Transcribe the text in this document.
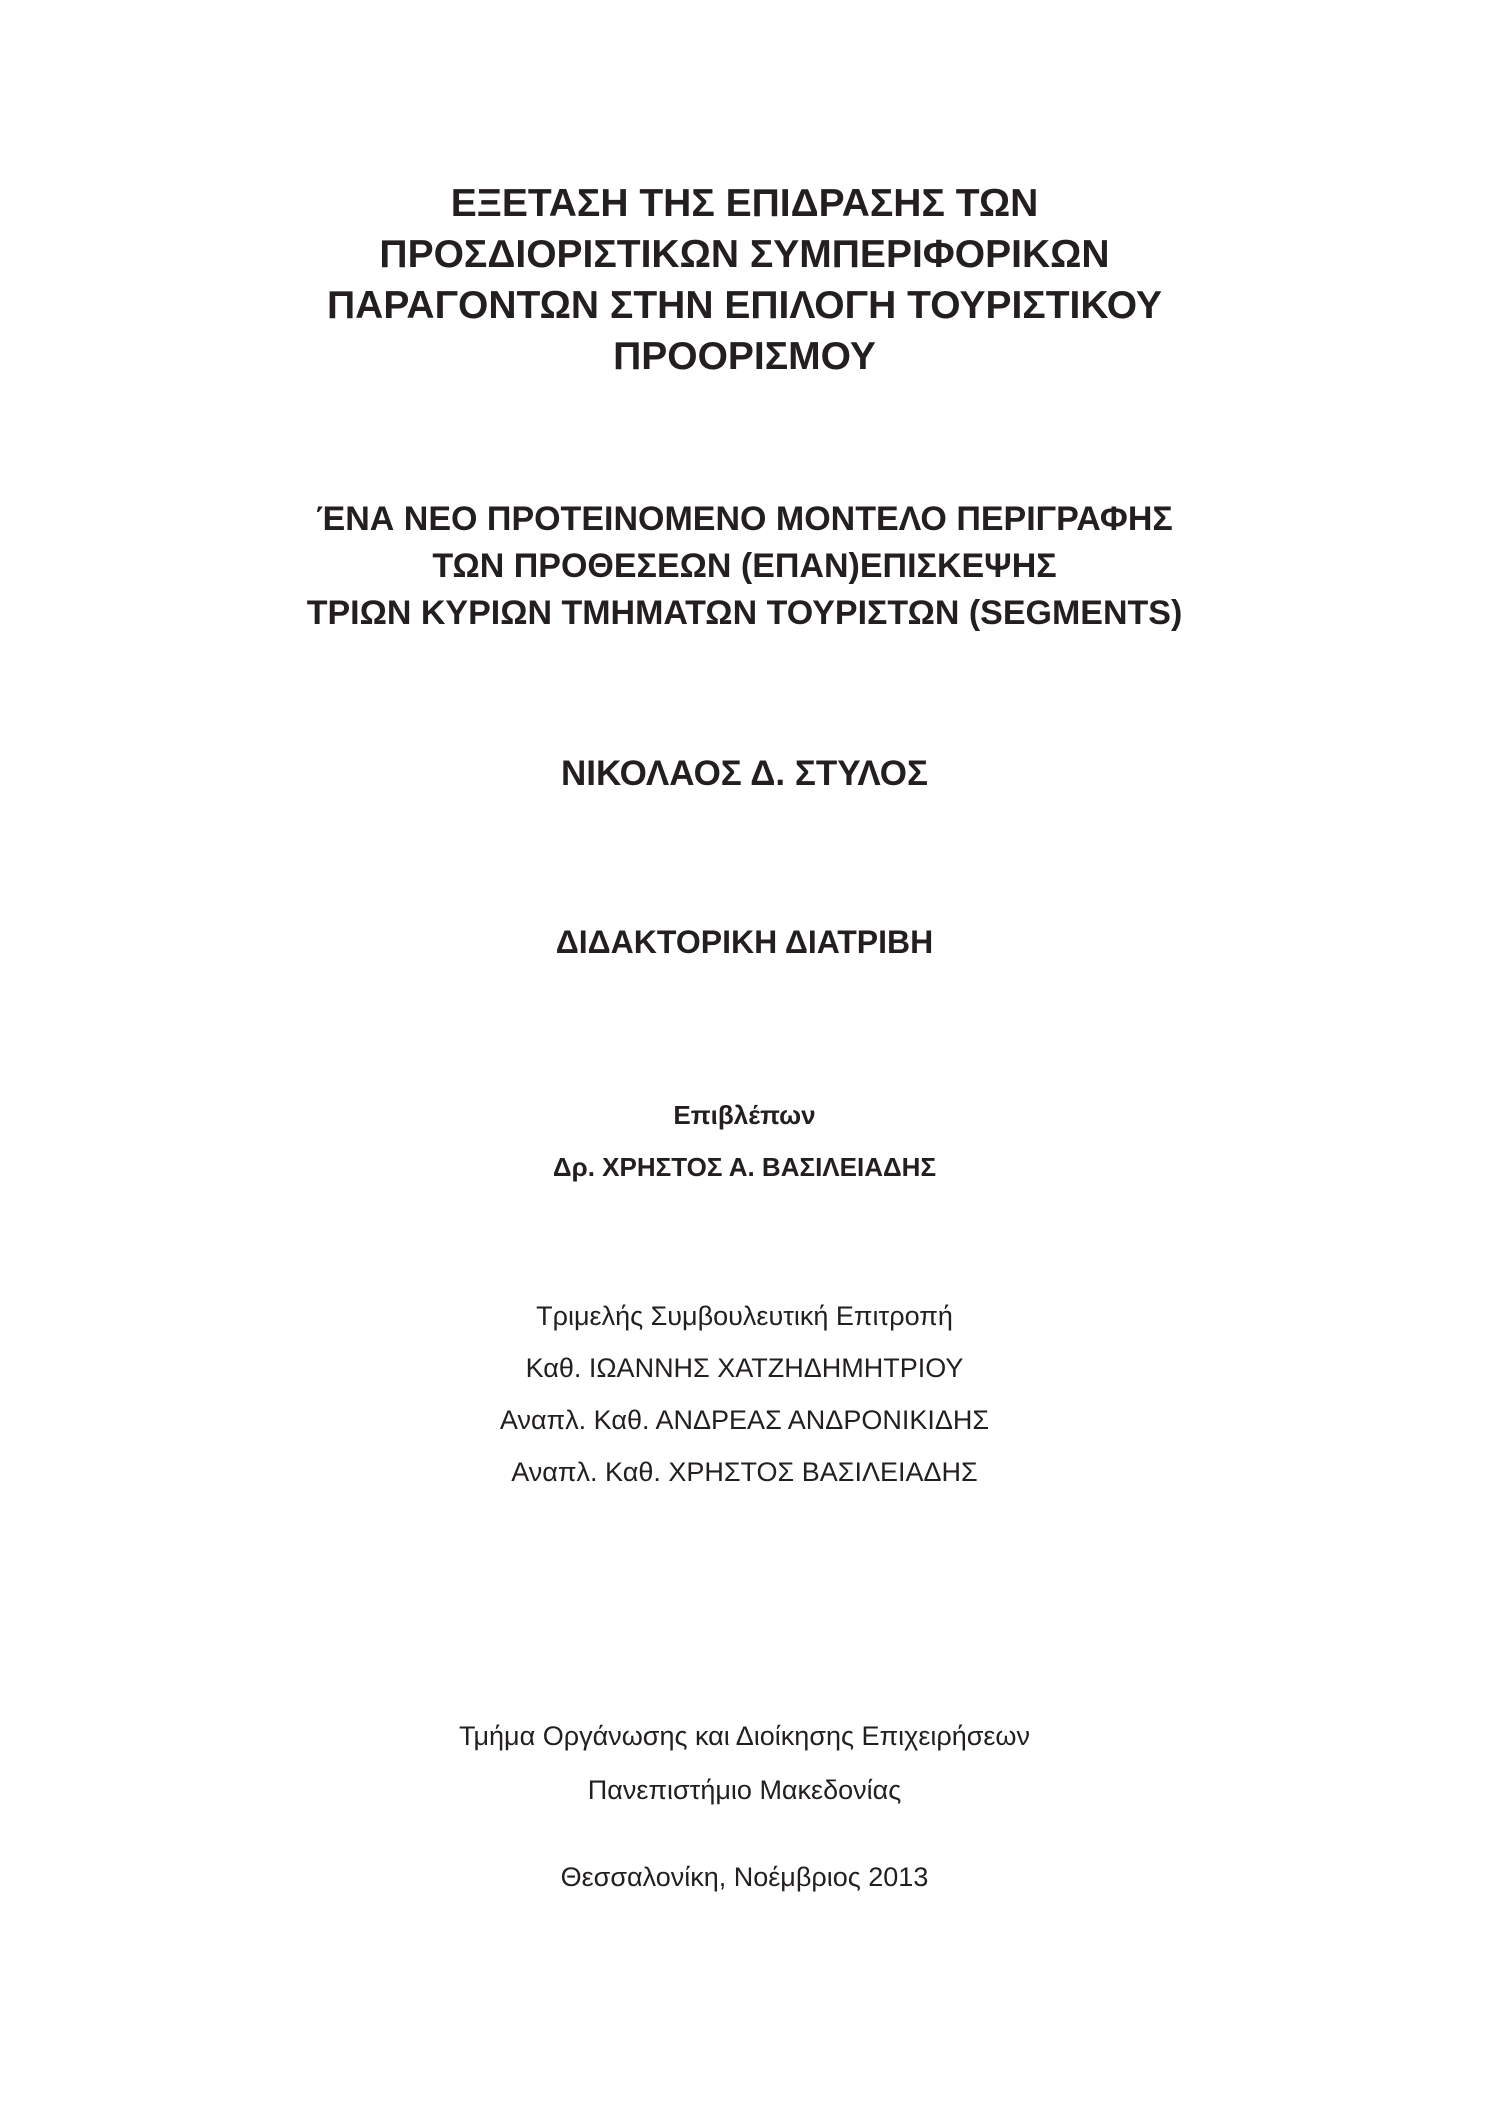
ΕΞΕΤΑΣΗ ΤΗΣ ΕΠΙΔΡΑΣΗΣ ΤΩΝ
ΠΡΟΣΔΙΟΡΙΣΤΙΚΩΝ ΣΥΜΠΕΡΙΦΟΡΙΚΩΝ
ΠΑΡΑΓΟΝΤΩΝ ΣΤΗΝ ΕΠΙΛΟΓΗ ΤΟΥΡΙΣΤΙΚΟΥ
ΠΡΟΟΡΙΣΜΟΥ
ΈΝΑ ΝΕΟ ΠΡΟΤΕΙΝΟΜΕΝΟ ΜΟΝΤΕΛΟ ΠΕΡΙΓΡΑΦΗΣ
ΤΩΝ ΠΡΟΘΕΣΕΩΝ (ΕΠΑΝ)ΕΠΙΣΚΕΨΗΣ
ΤΡΙΩΝ ΚΥΡΙΩΝ ΤΜΗΜΑΤΩΝ ΤΟΥΡΙΣΤΩΝ (SEGMENTS)
ΝΙΚΟΛΑΟΣ Δ. ΣΤΥΛΟΣ
ΔΙΔΑΚΤΟΡΙΚΗ ΔΙΑΤΡΙΒΗ
Επιβλέπων
Δρ. ΧΡΗΣΤΟΣ Α. ΒΑΣΙΛΕΙΑΔΗΣ
Τριμελής Συμβουλευτική Επιτροπή
Καθ. ΙΩΑΝΝΗΣ ΧΑΤΖΗΔΗΜΗΤΡΙΟΥ
Αναπλ. Καθ. ΑΝΔΡΕΑΣ ΑΝΔΡΟΝΙΚΙΔΗΣ
Αναπλ. Καθ. ΧΡΗΣΤΟΣ ΒΑΣΙΛΕΙΑΔΗΣ
Τμήμα Οργάνωσης και Διοίκησης Επιχειρήσεων
Πανεπιστήμιο Μακεδονίας
Θεσσαλονίκη, Νοέμβριος 2013
